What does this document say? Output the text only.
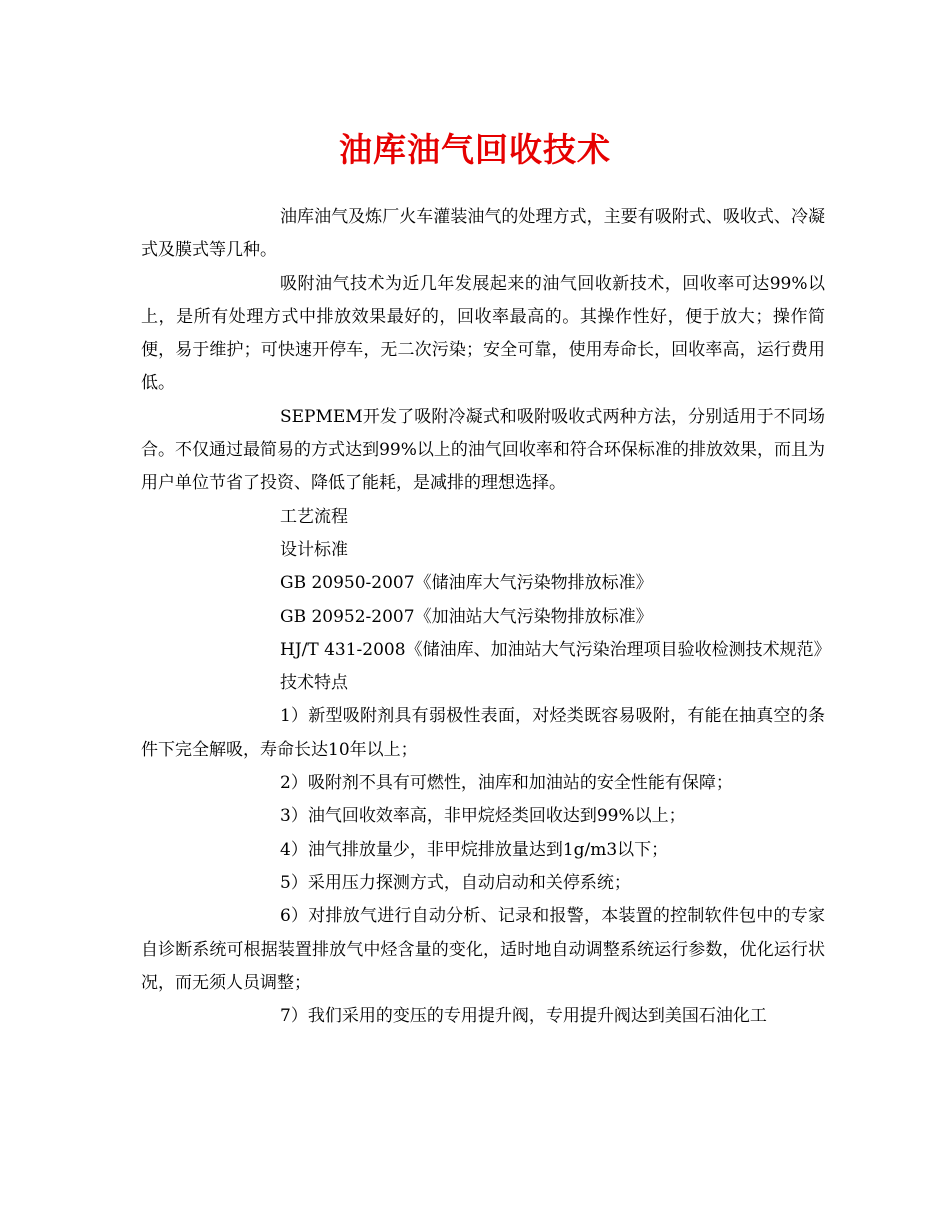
油库油气回收技术

油库油气及炼厂火车灌装油气的处理方式，主要有吸附式、吸收式、冷凝式及膜式等几种。

吸附油气技术为近几年发展起来的油气回收新技术，回收率可达99%以上，是所有处理方式中排放效果最好的，回收率最高的。其操作性好，便于放大；操作简便，易于维护；可快速开停车，无二次污染；安全可靠，使用寿命长，回收率高，运行费用低。

SEPMEM开发了吸附冷凝式和吸附吸收式两种方法，分别适用于不同场合。不仅通过最简易的方式达到99%以上的油气回收率和符合环保标准的排放效果，而且为用户单位节省了投资、降低了能耗，是减排的理想选择。

工艺流程

设计标准

GB 20950-2007《储油库大气污染物排放标准》

GB 20952-2007《加油站大气污染物排放标准》

HJ/T 431-2008《储油库、加油站大气污染治理项目验收检测技术规范》

技术特点

1）新型吸附剂具有弱极性表面，对烃类既容易吸附，有能在抽真空的条件下完全解吸，寿命长达10年以上；

2）吸附剂不具有可燃性，油库和加油站的安全性能有保障；

3）油气回收效率高，非甲烷烃类回收达到99%以上；

4）油气排放量少，非甲烷排放量达到1g/m3以下；

5）采用压力探测方式，自动启动和关停系统；

6）对排放气进行自动分析、记录和报警，本装置的控制软件包中的专家自诊断系统可根据装置排放气中烃含量的变化，适时地自动调整系统运行参数，优化运行状况，而无须人员调整；

7）我们采用的变压的专用提升阀，专用提升阀达到美国石油化工
